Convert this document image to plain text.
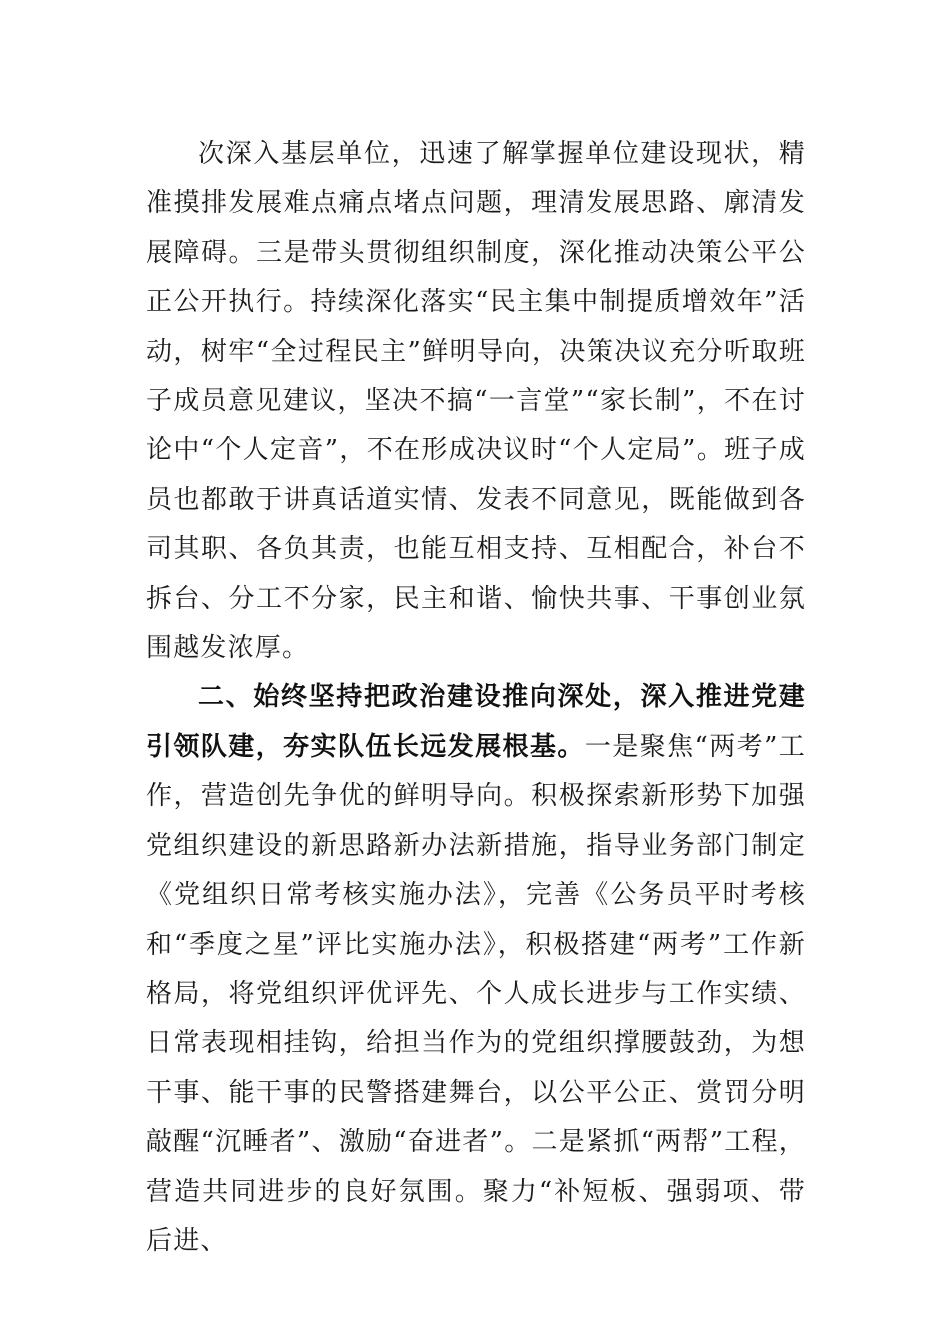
次深入基层单位，迅速了解掌握单位建设现状，精准摸排发展难点痛点堵点问题，理清发展思路、廓清发展障碍。三是带头贯彻组织制度，深化推动决策公平公正公开执行。持续深化落实“民主集中制提质增效年”活动，树牢“全过程民主”鲜明导向，决策决议充分听取班子成员意见建议，坚决不搞“一言堂”“家长制”，不在讨论中“个人定音”，不在形成决议时“个人定局”。班子成员也都敢于讲真话道实情、发表不同意见，既能做到各司其职、各负其责，也能互相支持、互相配合，补台不拆台、分工不分家，民主和谐、愉快共事、干事创业氛围越发浓厚。

二、始终坚持把政治建设推向深处，深入推进党建引领队建，夯实队伍长远发展根基。一是聚焦“两考”工作，营造创先争优的鲜明导向。积极探索新形势下加强党组织建设的新思路新办法新措施，指导业务部门制定《党组织日常考核实施办法》，完善《公务员平时考核和“季度之星”评比实施办法》，积极搭建“两考”工作新格局，将党组织评优评先、个人成长进步与工作实绩、日常表现相挂钩，给担当作为的党组织撑腰鼓劲，为想干事、能干事的民警搭建舞台，以公平公正、赏罚分明敲醒“沉睡者”、激励“奋进者”。二是紧抓“两帮”工程，营造共同进步的良好氛围。聚力“补短板、强弱项、带后进、
